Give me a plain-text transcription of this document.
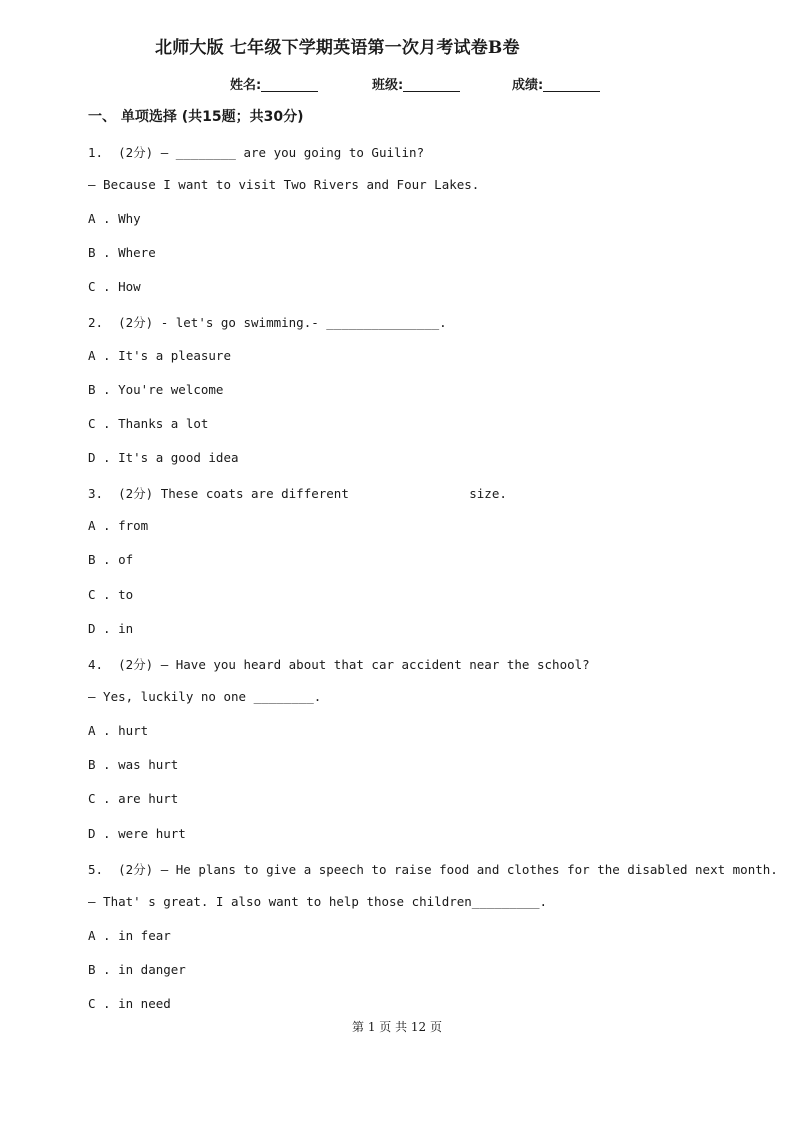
北师大版 七年级下学期英语第一次月考试卷B卷
姓名:	班级:	成绩:
一、 单项选择 (共15题；共30分)
1.  (2分) — ________ are you going to Guilin?
— Because I want to visit Two Rivers and Four Lakes.
A . Why
B . Where
C . How
2.  (2分) - let's go swimming.- _______________.
A . It's a pleasure
B . You're welcome
C . Thanks a lot
D . It's a good idea
3.  (2分) These coats are different                size.
A . from
B . of
C . to
D . in
4.  (2分) — Have you heard about that car accident near the school?
— Yes, luckily no one ________.
A . hurt
B . was hurt
C . are hurt
D . were hurt
5.  (2分) — He plans to give a speech to raise food and clothes for the disabled next month.
— That' s great. I also want to help those children_________.
A . in fear
B . in danger
C . in need
第 1 页 共 12 页
